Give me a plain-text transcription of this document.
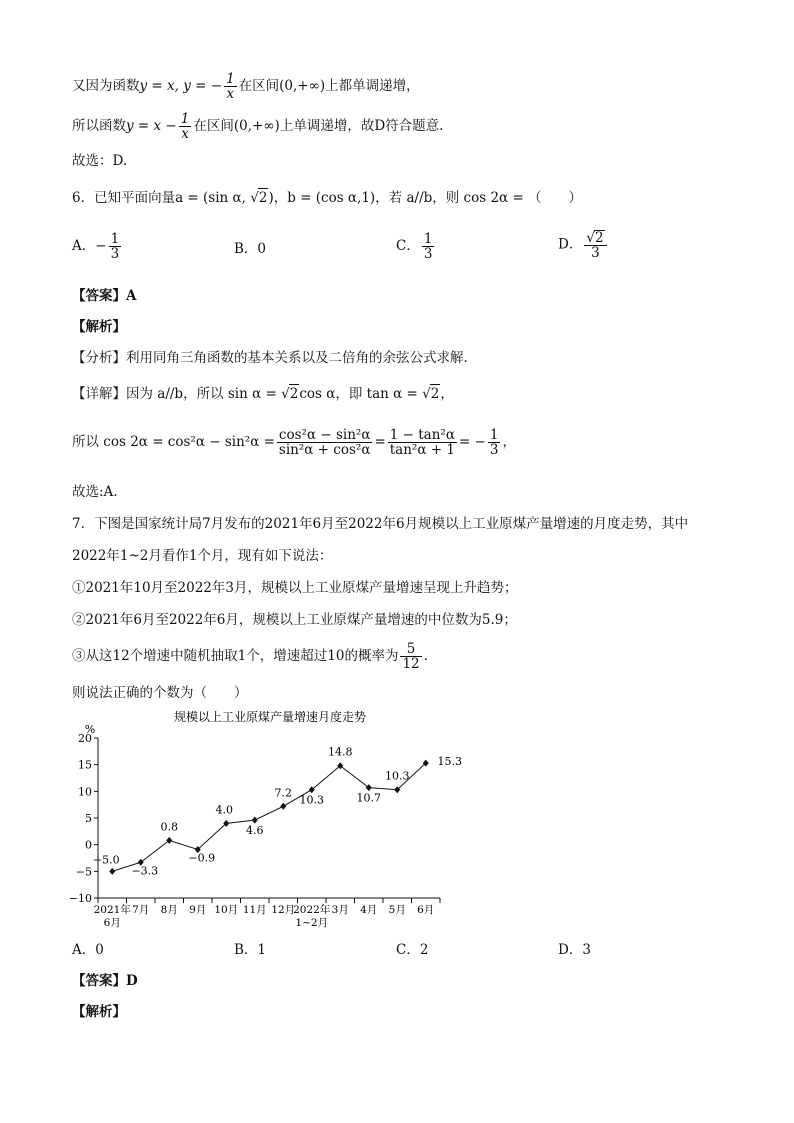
又因为函数y = x, y = − $\frac{1}{x}$ 在区间(0,+∞)上都单调递增，
所以函数$y = x - \frac{1}{x}$ 在区间(0,+∞)上单调递增，故D符合题意.
故选：D.
6．已知平面向量a = (sin α, √2)，b = (cos α,1)，若 a//b，则 cos 2α = （　　）
A．− $\frac{1}{3}$	B．0	C． $\frac{1}{3}$	D． $\frac{√2}{3}$
【答案】A
【解析】
【分析】利用同角三角函数的基本关系以及二倍角的余弦公式求解.
【详解】因为 a//b，所以 sin α = √2cos α，即 tan α = √2，
所以 $\cos 2\alpha = \cos^2\alpha - \sin^2\alpha = \frac{\text{cos²α − sin²α}}{\text{sin²α + cos²α}} = \frac{\text{1 − tan²α}}{\text{tan²α + 1}}$ = − $\frac{1}{3}$ ，
故选:A.
7．下图是国家统计局7月发布的2021年6月至2022年6月规模以上工业原煤产量增速的月度走势，其中
2022年1~2月看作1个月，现有如下说法：
①2021年10月至2022年3月，规模以上工业原煤产量增速呈现上升趋势；
②2021年6月至2022年6月，规模以上工业原煤产量增速的中位数为5.9；
③从这12个增速中随机抽取1个，增速超过10的概率为 $\frac{5}{12}$ .
则说法正确的个数为（　　）
规模以上工业原煤产量增速月度走势
%
20
15
10
5
0
−5
−10
2021年
6月
7月 8月 9月 10月 11月 12月
2022年
1~2月
3月 4月 5月 6月
−5.0
−3.3
0.8
−0.9
4.0
4.6
7.2
10.3
14.8
10.7
10.3
15.3
A．0	B．1	C．2	D．3
【答案】D
【解析】
